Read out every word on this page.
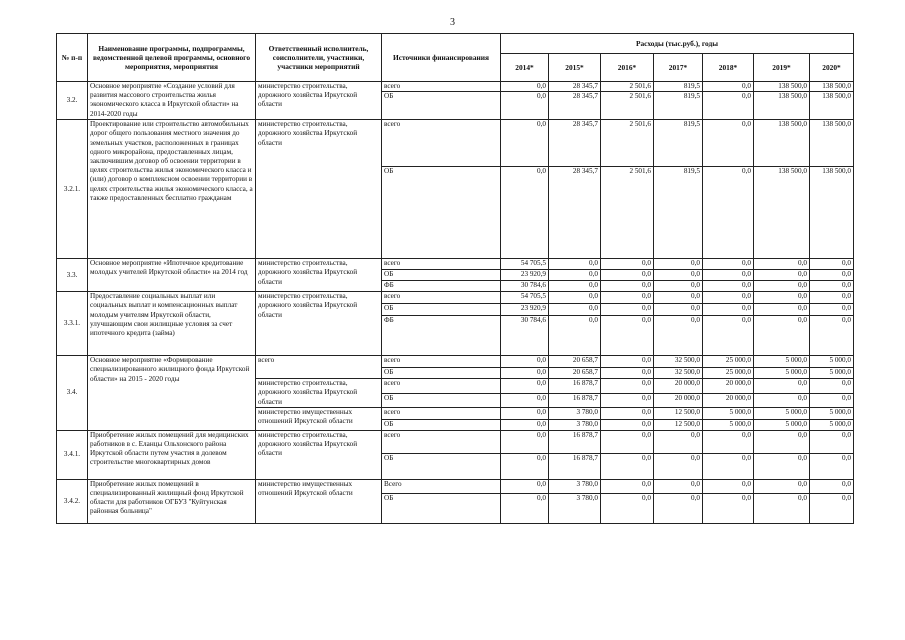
3
№ п-п	Наименование программы, подпрограммы, ведомственной целевой программы, основного мероприятия, мероприятия	Ответственный исполнитель, соисполнители, участники, участники мероприятий	Источники финансирования	Расходы (тыс.руб.), годы						
				2014*	2015*	2016*	2017*	2018*	2019*	2020*
3.2.	Основное мероприятие «Создание условий для развития массового строительства жилья экономического класса в Иркутской области» на 2014-2020 годы	министерство строительства, дорожного хозяйства Иркутской области	всего	0,0	28 345,7	2 501,6	819,5	0,0	138 500,0	138 500,0
			ОБ	0,0	28 345,7	2 501,6	819,5	0,0	138 500,0	138 500,0
3.2.1.	Проектирование или строительство автомобильных дорог общего пользования местного значения до земельных участков, расположенных в границах одного микрорайона, предоставленных лицам, заключившим договор об освоении территории в целях строительства жилья экономического класса и (или) договор о комплексном освоении территории в целях строительства жилья экономического класса, а также предоставленных бесплатно гражданам	министерство строительства, дорожного хозяйства Иркутской области	всего	0,0	28 345,7	2 501,6	819,5	0,0	138 500,0	138 500,0
			ОБ	0,0	28 345,7	2 501,6	819,5	0,0	138 500,0	138 500,0
3.3.	Основное мероприятие «Ипотечное кредитование молодых учителей Иркутской области» на 2014 год	министерство строительства, дорожного хозяйства Иркутской области	всего	54 705,5	0,0	0,0	0,0	0,0	0,0	0,0
			ОБ	23 920,9	0,0	0,0	0,0	0,0	0,0	0,0
			ФБ	30 784,6	0,0	0,0	0,0	0,0	0,0	0,0
3.3.1.	Предоставление социальных выплат или социальных выплат и компенсационных выплат молодым учителям Иркутской области, улучшающим свои жилищные условия за счет ипотечного кредита (займа)	министерство строительства, дорожного хозяйства Иркутской области	всего	54 705,5	0,0	0,0	0,0	0,0	0,0	0,0
			ОБ	23 920,9	0,0	0,0	0,0	0,0	0,0	0,0
			ФБ	30 784,6	0,0	0,0	0,0	0,0	0,0	0,0
3.4.	Основное мероприятие «Формирование специализированного жилищного фонда Иркутской области» на 2015 - 2020 годы	всего	всего	0,0	20 658,7	0,0	32 500,0	25 000,0	5 000,0	5 000,0
			ОБ	0,0	20 658,7	0,0	32 500,0	25 000,0	5 000,0	5 000,0
		министерство строительства, дорожного хозяйства Иркутской области	всего	0,0	16 878,7	0,0	20 000,0	20 000,0	0,0	0,0
			ОБ	0,0	16 878,7	0,0	20 000,0	20 000,0	0,0	0,0
		министерство имущественных отношений Иркутской области	всего	0,0	3 780,0	0,0	12 500,0	5 000,0	5 000,0	5 000,0
			ОБ	0,0	3 780,0	0,0	12 500,0	5 000,0	5 000,0	5 000,0
3.4.1.	Приобретение жилых помещений для медицинских работников в с. Еланцы Ольхонского района Иркутской области путем участия в долевом строительстве многоквартирных домов	министерство строительства, дорожного хозяйства Иркутской области	всего	0,0	16 878,7	0,0	0,0	0,0	0,0	0,0
			ОБ	0,0	16 878,7	0,0	0,0	0,0	0,0	0,0
3.4.2.	Приобретение жилых помещений в специализированный жилищный фонд Иркутской области для работников ОГБУЗ "Куйтунская районная больница"	министерство имущественных отношений Иркутской области	Всего	0,0	3 780,0	0,0	0,0	0,0	0,0	0,0
			ОБ	0,0	3 780,0	0,0	0,0	0,0	0,0	0,0
